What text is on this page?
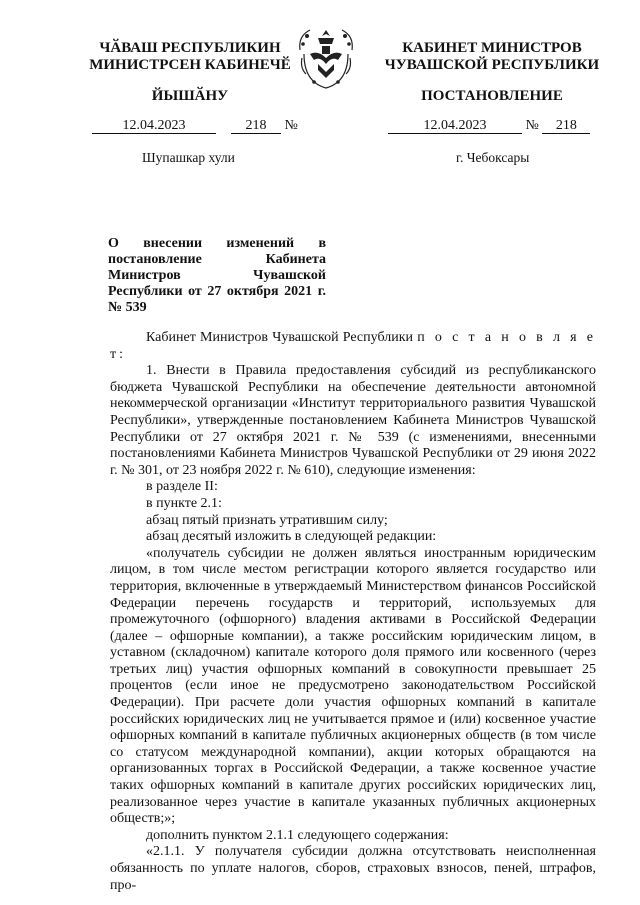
ЧӐВАШ РЕСПУБЛИКИН МИНИСТРСЕН КАБИНЕЧӖ
КАБИНЕТ МИНИСТРОВ ЧУВАШСКОЙ РЕСПУБЛИКИ
ЙЫШӐНУ	ПОСТАНОВЛЕНИЕ
12.04.2023	218 №	12.04.2023	№ 218
Шупашкар хули	г. Чебоксары
О внесении изменений в постановление Кабинета Министров Чувашской Республики от 27 октября 2021 г. № 539

Кабинет Министров Чувашской Республики п о с т а н о в л я е т:

1. Внести в Правила предоставления субсидий из республиканского бюджета Чувашской Республики на обеспечение деятельности автономной некоммерческой организации «Институт территориального развития Чувашской Республики», утвержденные постановлением Кабинета Министров Чувашской Республики от 27 октября 2021 г. № 539 (с изменениями, внесенными постановлениями Кабинета Министров Чувашской Республики от 29 июня 2022 г. № 301, от 23 ноября 2022 г. № 610), следующие изменения:

в разделе II:

в пункте 2.1:

абзац пятый признать утратившим силу;

абзац десятый изложить в следующей редакции:

«получатель субсидии не должен являться иностранным юридическим лицом, в том числе местом регистрации которого является государство или территория, включенные в утверждаемый Министерством финансов Российской Федерации перечень государств и территорий, используемых для промежуточного (офшорного) владения активами в Российской Федерации (далее – офшорные компании), а также российским юридическим лицом, в уставном (складочном) капитале которого доля прямого или косвенного (через третьих лиц) участия офшорных компаний в совокупности превышает 25 процентов (если иное не предусмотрено законодательством Российской Федерации). При расчете доли участия офшорных компаний в капитале российских юридических лиц не учитывается прямое и (или) косвенное участие офшорных компаний в капитале публичных акционерных обществ (в том числе со статусом международной компании), акции которых обращаются на организованных торгах в Российской Федерации, а также косвенное участие таких офшорных компаний в капитале других российских юридических лиц, реализованное через участие в капитале указанных публичных акционерных обществ;»;

дополнить пунктом 2.1.1 следующего содержания:

«2.1.1. У получателя субсидии должна отсутствовать неисполненная обязанность по уплате налогов, сборов, страховых взносов, пеней, штрафов, про-
